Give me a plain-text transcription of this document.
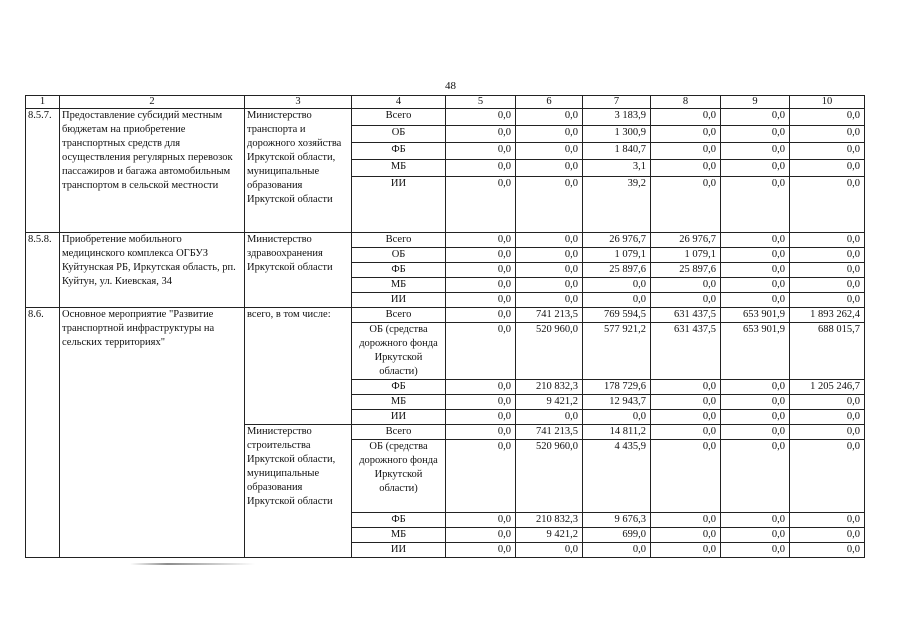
48
1	2	3	4	5	6	7	8	9	10
8.5.7.	Предоставление субсидий местным бюджетам на приобретение транспортных средств для осуществления регулярных перевозок пассажиров и багажа автомобильным транспортом в сельской местности	Министерство транспорта и дорожного хозяйства Иркутской области, муниципальные образования Иркутской области	Всего	0,0	0,0	3 183,9	0,0	0,0	0,0
			ОБ	0,0	0,0	1 300,9	0,0	0,0	0,0
			ФБ	0,0	0,0	1 840,7	0,0	0,0	0,0
			МБ	0,0	0,0	3,1	0,0	0,0	0,0
			ИИ	0,0	0,0	39,2	0,0	0,0	0,0
8.5.8.	Приобретение мобильного медицинского комплекса ОГБУЗ Куйтунская РБ, Иркутская область, рп. Куйтун, ул. Киевская, 34	Министерство здравоохранения Иркутской области	Всего	0,0	0,0	26 976,7	26 976,7	0,0	0,0
			ОБ	0,0	0,0	1 079,1	1 079,1	0,0	0,0
			ФБ	0,0	0,0	25 897,6	25 897,6	0,0	0,0
			МБ	0,0	0,0	0,0	0,0	0,0	0,0
			ИИ	0,0	0,0	0,0	0,0	0,0	0,0
8.6.	Основное мероприятие "Развитие транспортной инфраструктуры на сельских территориях"	всего, в том числе:	Всего	0,0	741 213,5	769 594,5	631 437,5	653 901,9	1 893 262,4
			ОБ (средства дорожного фонда Иркутской области)	0,0	520 960,0	577 921,2	631 437,5	653 901,9	688 015,7
			ФБ	0,0	210 832,3	178 729,6	0,0	0,0	1 205 246,7
			МБ	0,0	9 421,2	12 943,7	0,0	0,0	0,0
			ИИ	0,0	0,0	0,0	0,0	0,0	0,0
		Министерство строительства Иркутской области, муниципальные образования Иркутской области	Всего	0,0	741 213,5	14 811,2	0,0	0,0	0,0
			ОБ (средства дорожного фонда Иркутской области)	0,0	520 960,0	4 435,9	0,0	0,0	0,0
			ФБ	0,0	210 832,3	9 676,3	0,0	0,0	0,0
			МБ	0,0	9 421,2	699,0	0,0	0,0	0,0
			ИИ	0,0	0,0	0,0	0,0	0,0	0,0
